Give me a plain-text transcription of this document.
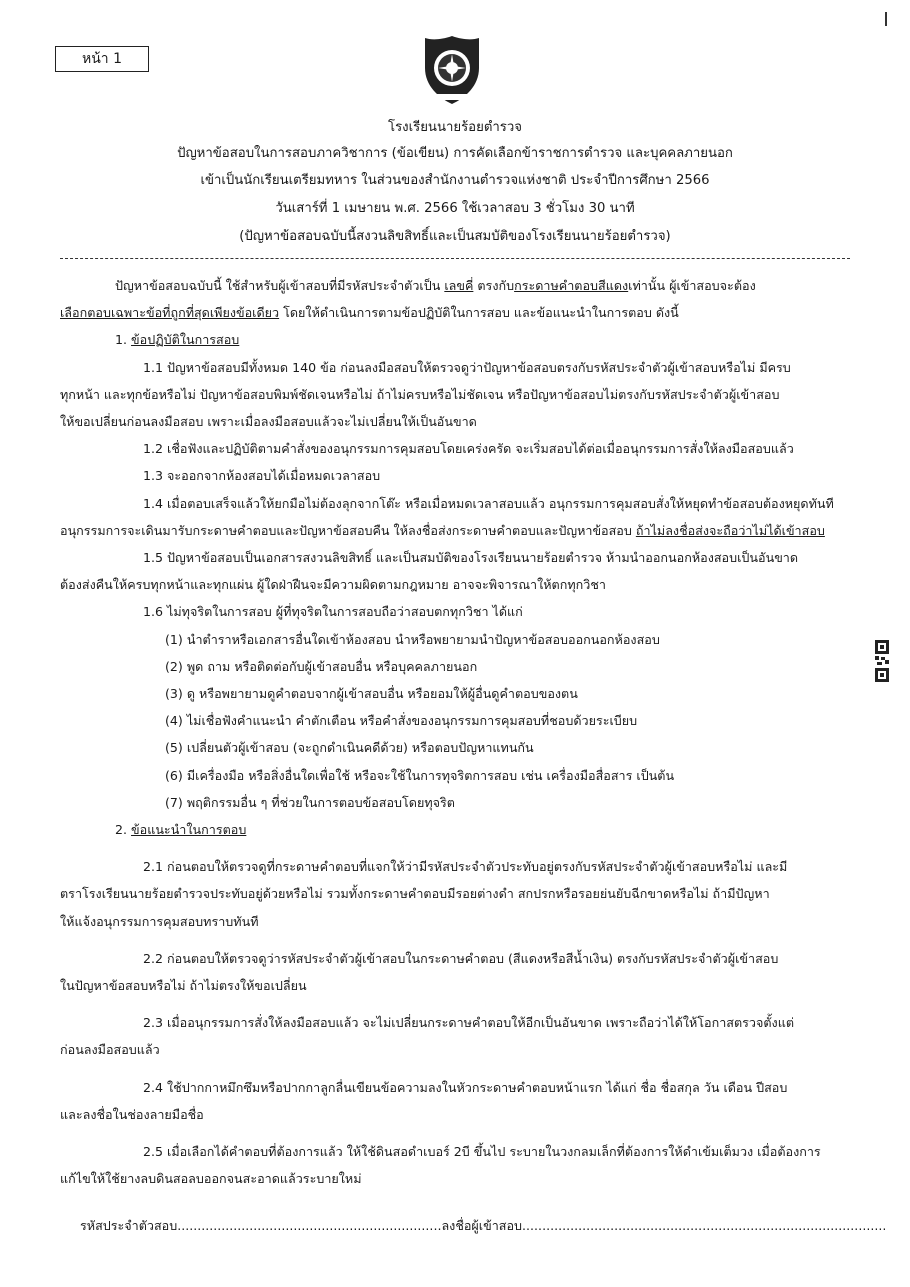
หน้า 1
โรงเรียนนายร้อยตำรวจ
ปัญหาข้อสอบในการสอบภาควิชาการ (ข้อเขียน) การคัดเลือกข้าราชการตำรวจ และบุคคลภายนอก
เข้าเป็นนักเรียนเตรียมทหาร ในส่วนของสำนักงานตำรวจแห่งชาติ ประจำปีการศึกษา 2566
วันเสาร์ที่ 1 เมษายน พ.ศ. 2566 ใช้เวลาสอบ 3 ชั่วโมง 30 นาที
(ปัญหาข้อสอบฉบับนี้สงวนลิขสิทธิ์และเป็นสมบัติของโรงเรียนนายร้อยตำรวจ)
ปัญหาข้อสอบฉบับนี้ ใช้สำหรับผู้เข้าสอบที่มีรหัสประจำตัวเป็น เลขคี่ ตรงกับกระดาษคำตอบสีแดงเท่านั้น ผู้เข้าสอบจะต้อง
เลือกตอบเฉพาะข้อที่ถูกที่สุดเพียงข้อเดียว โดยให้ดำเนินการตามข้อปฏิบัติในการสอบ และข้อแนะนำในการตอบ ดังนี้
1. ข้อปฏิบัติในการสอบ
1.1 ปัญหาข้อสอบมีทั้งหมด 140 ข้อ ก่อนลงมือสอบให้ตรวจดูว่าปัญหาข้อสอบตรงกับรหัสประจำตัวผู้เข้าสอบหรือไม่ มีครบ
ทุกหน้า และทุกข้อหรือไม่ ปัญหาข้อสอบพิมพ์ชัดเจนหรือไม่ ถ้าไม่ครบหรือไม่ชัดเจน หรือปัญหาข้อสอบไม่ตรงกับรหัสประจำตัวผู้เข้าสอบ
ให้ขอเปลี่ยนก่อนลงมือสอบ เพราะเมื่อลงมือสอบแล้วจะไม่เปลี่ยนให้เป็นอันขาด
1.2 เชื่อฟังและปฏิบัติตามคำสั่งของอนุกรรมการคุมสอบโดยเคร่งครัด จะเริ่มสอบได้ต่อเมื่ออนุกรรมการสั่งให้ลงมือสอบแล้ว
1.3 จะออกจากห้องสอบได้เมื่อหมดเวลาสอบ
1.4 เมื่อตอบเสร็จแล้วให้ยกมือไม่ต้องลุกจากโต๊ะ หรือเมื่อหมดเวลาสอบแล้ว อนุกรรมการคุมสอบสั่งให้หยุดทำข้อสอบต้องหยุดทันที
อนุกรรมการจะเดินมารับกระดาษคำตอบและปัญหาข้อสอบคืน ให้ลงชื่อส่งกระดาษคำตอบและปัญหาข้อสอบ ถ้าไม่ลงชื่อส่งจะถือว่าไม่ได้เข้าสอบ
1.5 ปัญหาข้อสอบเป็นเอกสารสงวนลิขสิทธิ์ และเป็นสมบัติของโรงเรียนนายร้อยตำรวจ ห้ามนำออกนอกห้องสอบเป็นอันขาด
ต้องส่งคืนให้ครบทุกหน้าและทุกแผ่น ผู้ใดฝ่าฝืนจะมีความผิดตามกฎหมาย อาจจะพิจารณาให้ตกทุกวิชา
1.6 ไม่ทุจริตในการสอบ ผู้ที่ทุจริตในการสอบถือว่าสอบตกทุกวิชา ได้แก่
(1) นำตำราหรือเอกสารอื่นใดเข้าห้องสอบ นำหรือพยายามนำปัญหาข้อสอบออกนอกห้องสอบ
(2) พูด ถาม หรือติดต่อกับผู้เข้าสอบอื่น หรือบุคคลภายนอก
(3) ดู หรือพยายามดูคำตอบจากผู้เข้าสอบอื่น หรือยอมให้ผู้อื่นดูคำตอบของตน
(4) ไม่เชื่อฟังคำแนะนำ คำตักเตือน หรือคำสั่งของอนุกรรมการคุมสอบที่ชอบด้วยระเบียบ
(5) เปลี่ยนตัวผู้เข้าสอบ (จะถูกดำเนินคดีด้วย) หรือตอบปัญหาแทนกัน
(6) มีเครื่องมือ หรือสิ่งอื่นใดเพื่อใช้ หรือจะใช้ในการทุจริตการสอบ เช่น เครื่องมือสื่อสาร เป็นต้น
(7) พฤติกรรมอื่น ๆ ที่ช่วยในการตอบข้อสอบโดยทุจริต
2. ข้อแนะนำในการตอบ
2.1 ก่อนตอบให้ตรวจดูที่กระดาษคำตอบที่แจกให้ว่ามีรหัสประจำตัวประทับอยู่ตรงกับรหัสประจำตัวผู้เข้าสอบหรือไม่ และมี
ตราโรงเรียนนายร้อยตำรวจประทับอยู่ด้วยหรือไม่ รวมทั้งกระดาษคำตอบมีรอยต่างดำ สกปรกหรือรอยย่นยับฉีกขาดหรือไม่ ถ้ามีปัญหา
ให้แจ้งอนุกรรมการคุมสอบทราบทันที
2.2 ก่อนตอบให้ตรวจดูว่ารหัสประจำตัวผู้เข้าสอบในกระดาษคำตอบ (สีแดงหรือสีน้ำเงิน) ตรงกับรหัสประจำตัวผู้เข้าสอบ
ในปัญหาข้อสอบหรือไม่ ถ้าไม่ตรงให้ขอเปลี่ยน
2.3 เมื่ออนุกรรมการสั่งให้ลงมือสอบแล้ว จะไม่เปลี่ยนกระดาษคำตอบให้อีกเป็นอันขาด เพราะถือว่าได้ให้โอกาสตรวจตั้งแต่
ก่อนลงมือสอบแล้ว
2.4 ใช้ปากกาหมึกซึมหรือปากกาลูกลื่นเขียนข้อความลงในหัวกระดาษคำตอบหน้าแรก ได้แก่ ชื่อ ชื่อสกุล วัน เดือน ปีสอบ
และลงชื่อในช่องลายมือชื่อ
2.5 เมื่อเลือกได้คำตอบที่ต้องการแล้ว ให้ใช้ดินสอดำเบอร์ 2บี ขึ้นไป ระบายในวงกลมเล็กที่ต้องการให้ดำเข้มเต็มวง เมื่อต้องการ
แก้ไขให้ใช้ยางลบดินสอลบออกจนสะอาดแล้วระบายใหม่
รหัสประจำตัวสอบ..................................................................ลงชื่อผู้เข้าสอบ...........................................................................................
